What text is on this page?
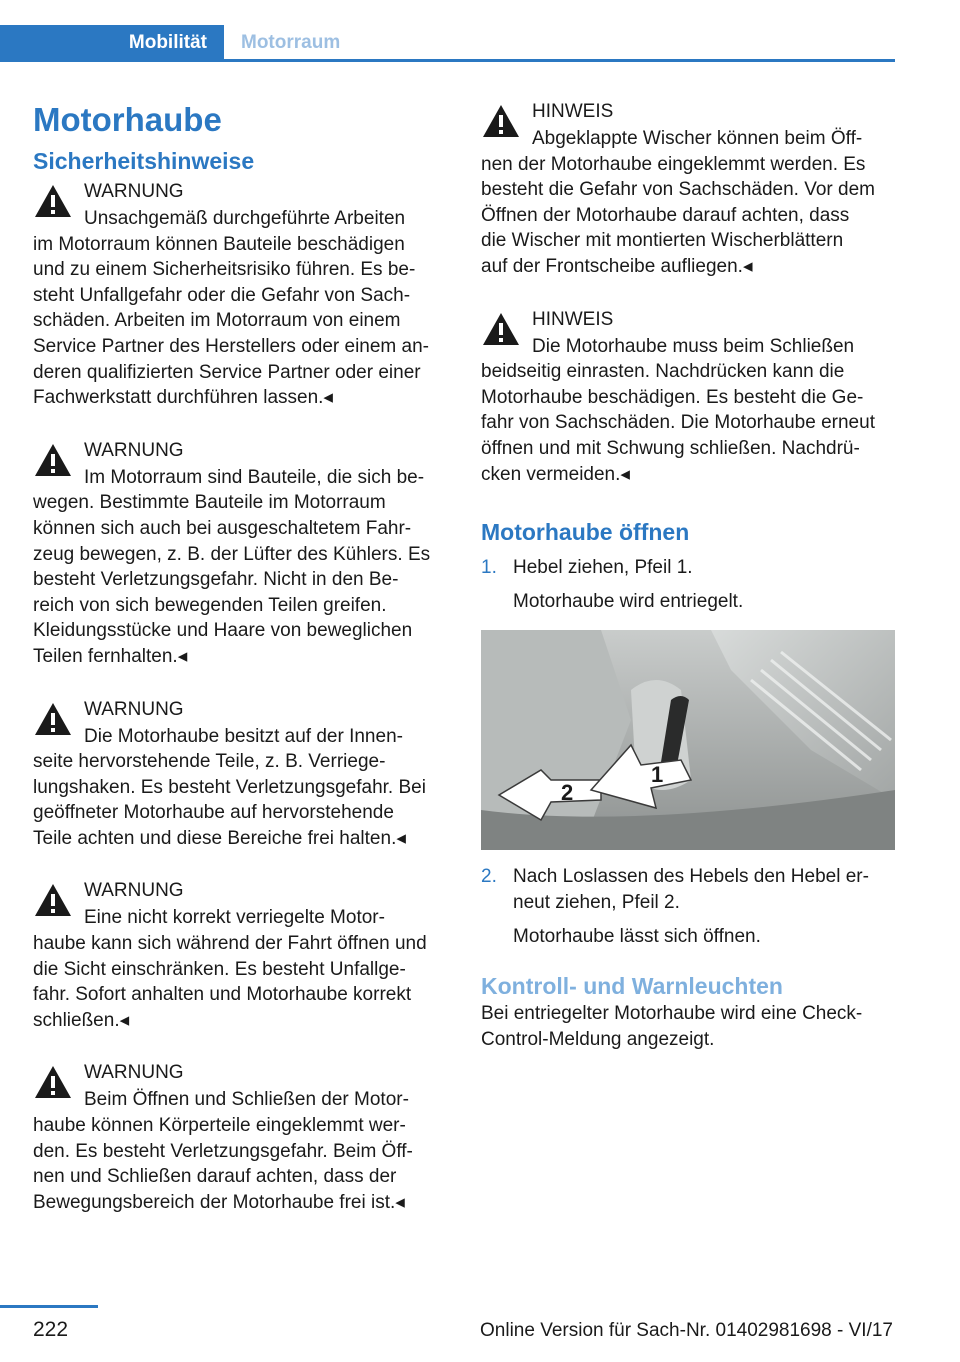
Mobilität	Motorraum
Motorhaube
Sicherheitshinweise
WARNUNG
Unsachgemäß durchgeführte Arbeiten

im Motorraum können Bauteile beschädigen

und zu einem Sicherheitsrisiko führen. Es be-

steht Unfallgefahr oder die Gefahr von Sach-

schäden. Arbeiten im Motorraum von einem

Service Partner des Herstellers oder einem an-

deren qualifizierten Service Partner oder einer

Fachwerkstatt durchführen lassen.◂

WARNUNG
Im Motorraum sind Bauteile, die sich be-

wegen. Bestimmte Bauteile im Motorraum

können sich auch bei ausgeschaltetem Fahr-

zeug bewegen, z. B. der Lüfter des Kühlers. Es

besteht Verletzungsgefahr. Nicht in den Be-

reich von sich bewegenden Teilen greifen.

Kleidungsstücke und Haare von beweglichen

Teilen fernhalten.◂

WARNUNG
Die Motorhaube besitzt auf der Innen-

seite hervorstehende Teile, z. B. Verriege-

lungshaken. Es besteht Verletzungsgefahr. Bei

geöffneter Motorhaube auf hervorstehende

Teile achten und diese Bereiche frei halten.◂

WARNUNG
Eine nicht korrekt verriegelte Motor-

haube kann sich während der Fahrt öffnen und

die Sicht einschränken. Es besteht Unfallge-

fahr. Sofort anhalten und Motorhaube korrekt

schließen.◂

WARNUNG
Beim Öffnen und Schließen der Motor-

haube können Körperteile eingeklemmt wer-

den. Es besteht Verletzungsgefahr. Beim Öff-

nen und Schließen darauf achten, dass der

Bewegungsbereich der Motorhaube frei ist.◂

HINWEIS
Abgeklappte Wischer können beim Öff-

nen der Motorhaube eingeklemmt werden. Es

besteht die Gefahr von Sachschäden. Vor dem

Öffnen der Motorhaube darauf achten, dass

die Wischer mit montierten Wischerblättern

auf der Frontscheibe aufliegen.◂

HINWEIS
Die Motorhaube muss beim Schließen

beidseitig einrasten. Nachdrücken kann die

Motorhaube beschädigen. Es besteht die Ge-

fahr von Sachschäden. Die Motorhaube erneut

öffnen und mit Schwung schließen. Nachdrü-

cken vermeiden.◂

Motorhaube öffnen
1. Hebel ziehen, Pfeil 1.

Motorhaube wird entriegelt.

2
1
2. Nach Loslassen des Hebels den Hebel er-

neut ziehen, Pfeil 2.

Motorhaube lässt sich öffnen.

Kontroll- und Warnleuchten

Bei entriegelter Motorhaube wird eine Check-

Control-Meldung angezeigt.

222	Online Version für Sach-Nr. 01402981698 - VI/17
